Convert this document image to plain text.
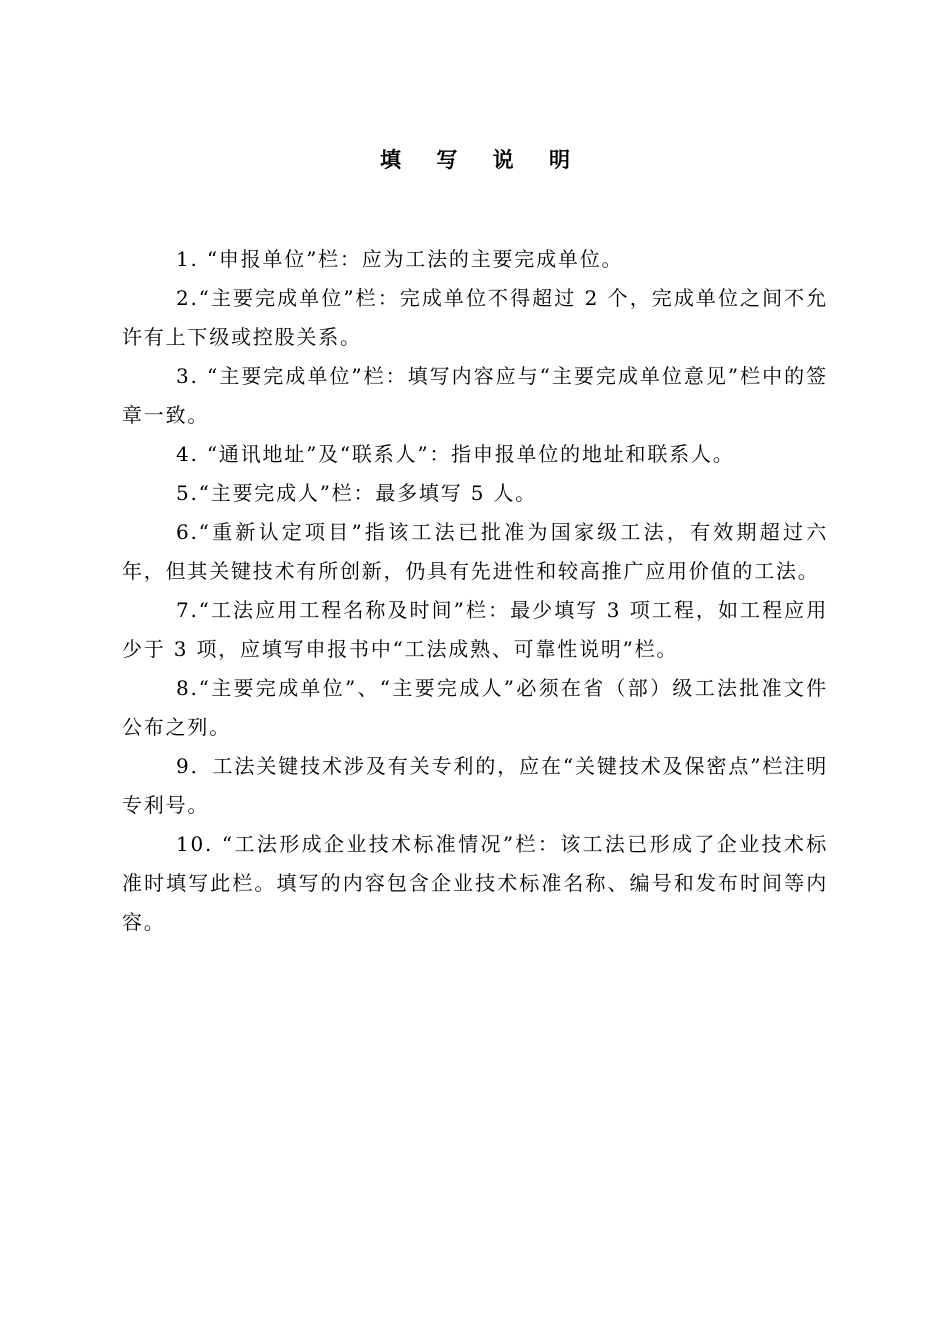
填 写 说 明

1. “申报单位”栏：应为工法的主要完成单位。

2.“主要完成单位”栏：完成单位不得超过 2 个，完成单位之间不允许有上下级或控股关系。

3. “主要完成单位”栏：填写内容应与“主要完成单位意见”栏中的签章一致。

4. “通讯地址”及“联系人”：指申报单位的地址和联系人。

5.“主要完成人”栏：最多填写 5 人。

6.“重新认定项目”指该工法已批准为国家级工法，有效期超过六年，但其关键技术有所创新，仍具有先进性和较高推广应用价值的工法。

7.“工法应用工程名称及时间”栏：最少填写 3 项工程，如工程应用少于 3 项，应填写申报书中“工法成熟、可靠性说明”栏。

8.“主要完成单位”、“主要完成人”必须在省（部）级工法批准文件公布之列。

9．工法关键技术涉及有关专利的，应在“关键技术及保密点”栏注明专利号。

10. “工法形成企业技术标准情况”栏：该工法已形成了企业技术标准时填写此栏。填写的内容包含企业技术标准名称、编号和发布时间等内容。
